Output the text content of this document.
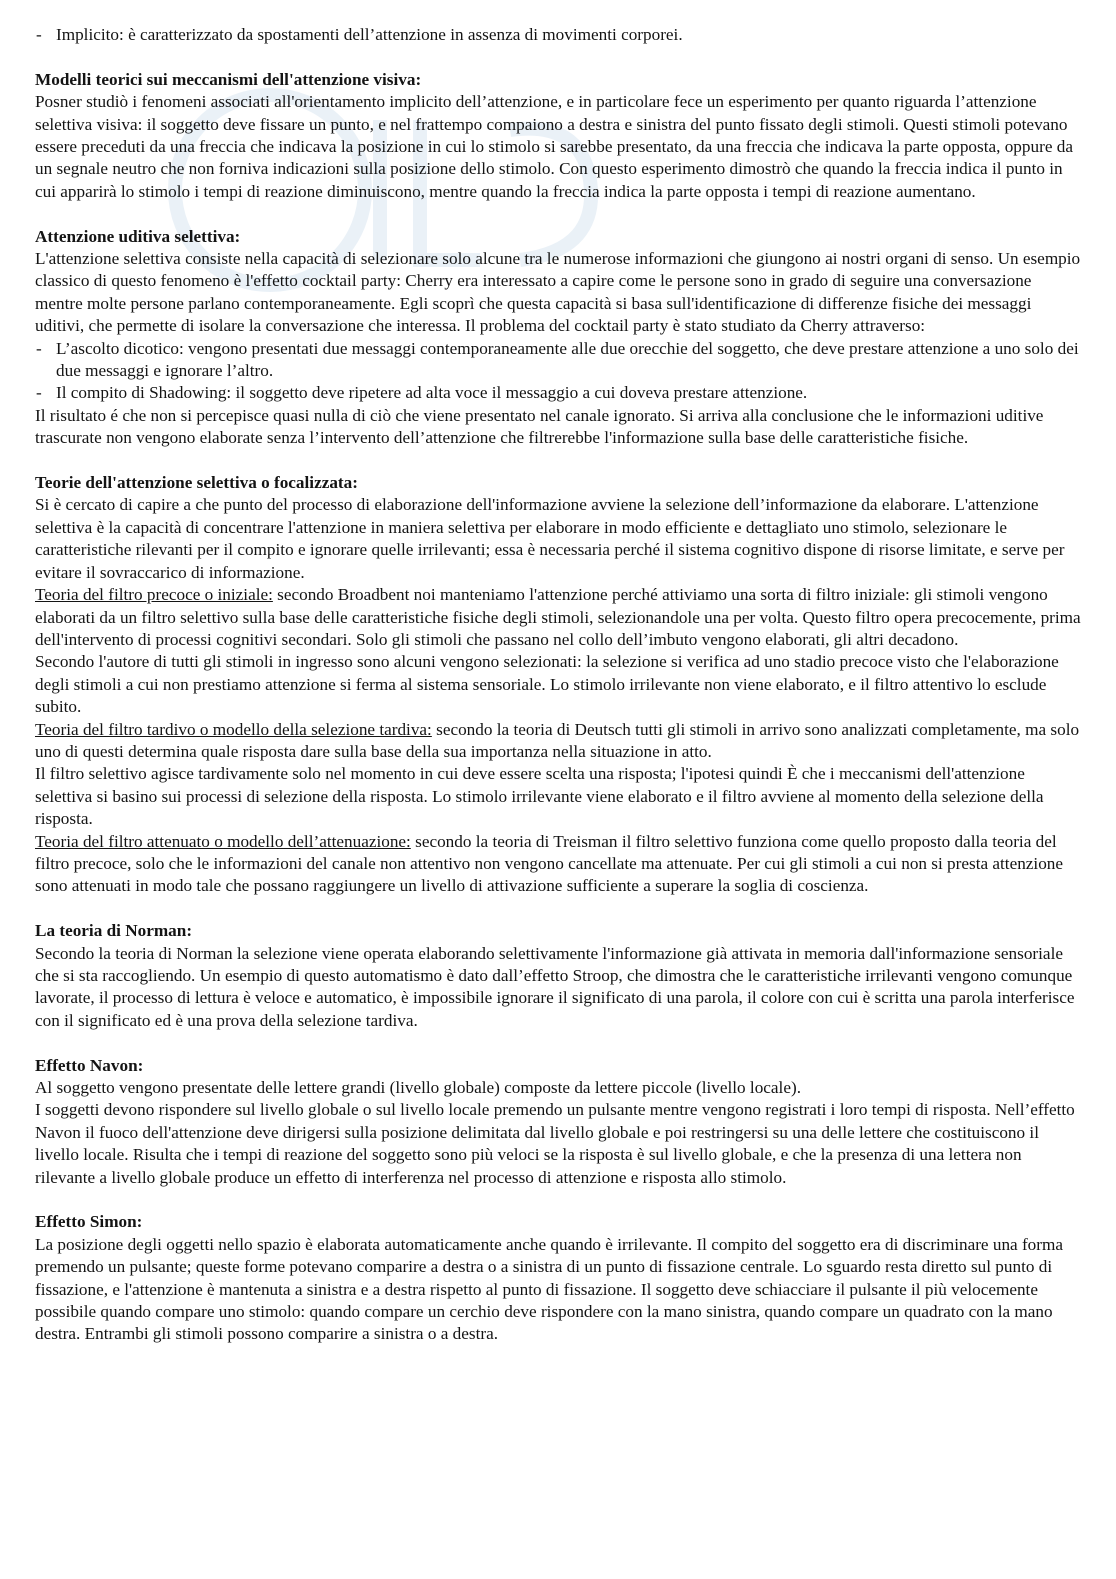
- Implicito: è caratterizzato da spostamenti dell’attenzione in assenza di movimenti corporei.

Modelli teorici sui meccanismi dell'attenzione visiva:

Posner studiò i fenomeni associati all'orientamento implicito dell’attenzione, e in particolare fece un esperimento per quanto riguarda l’attenzione selettiva visiva: il soggetto deve fissare un punto, e nel frattempo compaiono a destra e sinistra del punto fissato degli stimoli. Questi stimoli potevano essere preceduti da una freccia che indicava la posizione in cui lo stimolo si sarebbe presentato, da una freccia che indicava la parte opposta, oppure da un segnale neutro che non forniva indicazioni sulla posizione dello stimolo. Con questo esperimento dimostrò che quando la freccia indica il punto in cui apparirà lo stimolo i tempi di reazione diminuiscono, mentre quando la freccia indica la parte opposta i tempi di reazione aumentano.

Attenzione uditiva selettiva:

L'attenzione selettiva consiste nella capacità di selezionare solo alcune tra le numerose informazioni che giungono ai nostri organi di senso. Un esempio classico di questo fenomeno è l'effetto cocktail party: Cherry era interessato a capire come le persone sono in grado di seguire una conversazione mentre molte persone parlano contemporaneamente. Egli scoprì che questa capacità si basa sull'identificazione di differenze fisiche dei messaggi uditivi, che permette di isolare la conversazione che interessa. Il problema del cocktail party è stato studiato da Cherry attraverso:

- L’ascolto dicotico: vengono presentati due messaggi contemporaneamente alle due orecchie del soggetto, che deve prestare attenzione a uno solo dei due messaggi e ignorare l’altro.
- Il compito di Shadowing: il soggetto deve ripetere ad alta voce il messaggio a cui doveva prestare attenzione.

Il risultato é che non si percepisce quasi nulla di ciò che viene presentato nel canale ignorato. Si arriva alla conclusione che le informazioni uditive trascurate non vengono elaborate senza l’intervento dell’attenzione che filtrerebbe l'informazione sulla base delle caratteristiche fisiche.

Teorie dell'attenzione selettiva o focalizzata:

Si è cercato di capire a che punto del processo di elaborazione dell'informazione avviene la selezione dell’informazione da elaborare. L'attenzione selettiva è la capacità di concentrare l'attenzione in maniera selettiva per elaborare in modo efficiente e dettagliato uno stimolo, selezionare le caratteristiche rilevanti per il compito e ignorare quelle irrilevanti; essa è necessaria perché il sistema cognitivo dispone di risorse limitate, e serve per evitare il sovraccarico di informazione.

Teoria del filtro precoce o iniziale: secondo Broadbent noi manteniamo l'attenzione perché attiviamo una sorta di filtro iniziale: gli stimoli vengono elaborati da un filtro selettivo sulla base delle caratteristiche fisiche degli stimoli, selezionandole una per volta. Questo filtro opera precocemente, prima dell'intervento di processi cognitivi secondari. Solo gli stimoli che passano nel collo dell’imbuto vengono elaborati, gli altri decadono.

Secondo l'autore di tutti gli stimoli in ingresso sono alcuni vengono selezionati: la selezione si verifica ad uno stadio precoce visto che l'elaborazione degli stimoli a cui non prestiamo attenzione si ferma al sistema sensoriale. Lo stimolo irrilevante non viene elaborato, e il filtro attentivo lo esclude subito.

Teoria del filtro tardivo o modello della selezione tardiva: secondo la teoria di Deutsch tutti gli stimoli in arrivo sono analizzati completamente, ma solo uno di questi determina quale risposta dare sulla base della sua importanza nella situazione in atto.

Il filtro selettivo agisce tardivamente solo nel momento in cui deve essere scelta una risposta; l'ipotesi quindi È che i meccanismi dell'attenzione selettiva si basino sui processi di selezione della risposta. Lo stimolo irrilevante viene elaborato e il filtro avviene al momento della selezione della risposta.

Teoria del filtro attenuato o modello dell’attenuazione: secondo la teoria di Treisman il filtro selettivo funziona come quello proposto dalla teoria del filtro precoce, solo che le informazioni del canale non attentivo non vengono cancellate ma attenuate. Per cui gli stimoli a cui non si presta attenzione sono attenuati in modo tale che possano raggiungere un livello di attivazione sufficiente a superare la soglia di coscienza.

La teoria di Norman:

Secondo la teoria di Norman la selezione viene operata elaborando selettivamente l'informazione già attivata in memoria dall'informazione sensoriale che si sta raccogliendo. Un esempio di questo automatismo è dato dall’effetto Stroop, che dimostra che le caratteristiche irrilevanti vengono comunque lavorate, il processo di lettura è veloce e automatico, è impossibile ignorare il significato di una parola, il colore con cui è scritta una parola interferisce con il significato ed è una prova della selezione tardiva.

Effetto Navon:

Al soggetto vengono presentate delle lettere grandi (livello globale) composte da lettere piccole (livello locale).

I soggetti devono rispondere sul livello globale o sul livello locale premendo un pulsante mentre vengono registrati i loro tempi di risposta. Nell’effetto Navon il fuoco dell'attenzione deve dirigersi sulla posizione delimitata dal livello globale e poi restringersi su una delle lettere che costituiscono il livello locale. Risulta che i tempi di reazione del soggetto sono più veloci se la risposta è sul livello globale, e che la presenza di una lettera non rilevante a livello globale produce un effetto di interferenza nel processo di attenzione e risposta allo stimolo.

Effetto Simon:

La posizione degli oggetti nello spazio è elaborata automaticamente anche quando è irrilevante. Il compito del soggetto era di discriminare una forma premendo un pulsante; queste forme potevano comparire a destra o a sinistra di un punto di fissazione centrale. Lo sguardo resta diretto sul punto di fissazione, e l'attenzione è mantenuta a sinistra e a destra rispetto al punto di fissazione. Il soggetto deve schiacciare il pulsante il più velocemente possibile quando compare uno stimolo: quando compare un cerchio deve rispondere con la mano sinistra, quando compare un quadrato con la mano destra. Entrambi gli stimoli possono comparire a sinistra o a destra.
